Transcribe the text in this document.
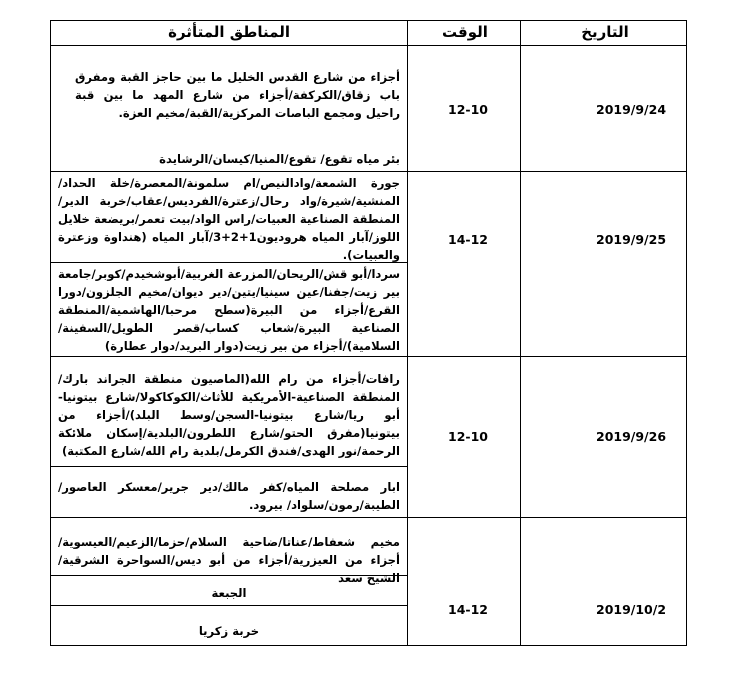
المناطق المتأثرة	الوقت	التاريخ
أجزاء من شارع القدس الخليل ما بين حاجز القبة ومفرق باب زقاق/الكركفة/أجزاء من شارع المهد ما بين قبة راحيل ومجمع الباصات المركزية/القبة/مخيم العزة.
بئر مياه تقوع/ تقوع/المنيا/كيسان/الرشايدة
12-10	2019/9/24
جورة الشمعة/وادالنيص/ام سلمونة/المعصرة/خلة الحداد/المنشية/شيرة/واد رحال/زعترة/الفرديس/عقاب/خربة الدير/المنطقة الصناعية العبيات/راس الواد/بيت تعمر/بريضعة خلايل اللوز/آبار المياه هروديون1+2+3/آبار المياه (هنداوة وزعترة والعبيات).
سردا/أبو قش/الريحان/المزرعة الغربية/أبوشخيدم/كوبر/جامعة بير زيت/جفنا/عين سينيا/يتين/دير ديوان/مخيم الجلزون/دورا القرع/أجزاء من البيرة(سطح مرحبا/الهاشمية/المنطقة الصناعية البيرة/شعاب كساب/قصر الطويل/السفينة/السلامية)/أجزاء من بير زيت(دوار البريد/دوار عطارة)
14-12	2019/9/25
رافات/أجزاء من رام الله(الماصيون منطقة الجراند بارك/المنطقة الصناعية-الأمريكية للأثاث/الكوكاكولا/شارع بيتونيا-أبو ريا/شارع بيتونيا-السجن/وسط البلد)/أجزاء من بيتونيا(مفرق الحتو/شارع اللطرون/البلدية/إسكان ملائكة الرحمة/نور الهدى/فندق الكرمل/بلدية رام الله/شارع المكتبة)
ابار مصلحة المياه/كفر مالك/دير جرير/معسكر العاصور/الطيبة/رمون/سلواد/ بيرود.
12-10	2019/9/26
مخيم شعفاط/عناتا/ضاحية السلام/حزما/الزعيم/العيسوية/أجزاء من العيزرية/أجزاء من أبو ديس/السواحرة الشرقية/الشيخ سعد
الجبعة
خربة زكريا
14-12	2019/10/2
